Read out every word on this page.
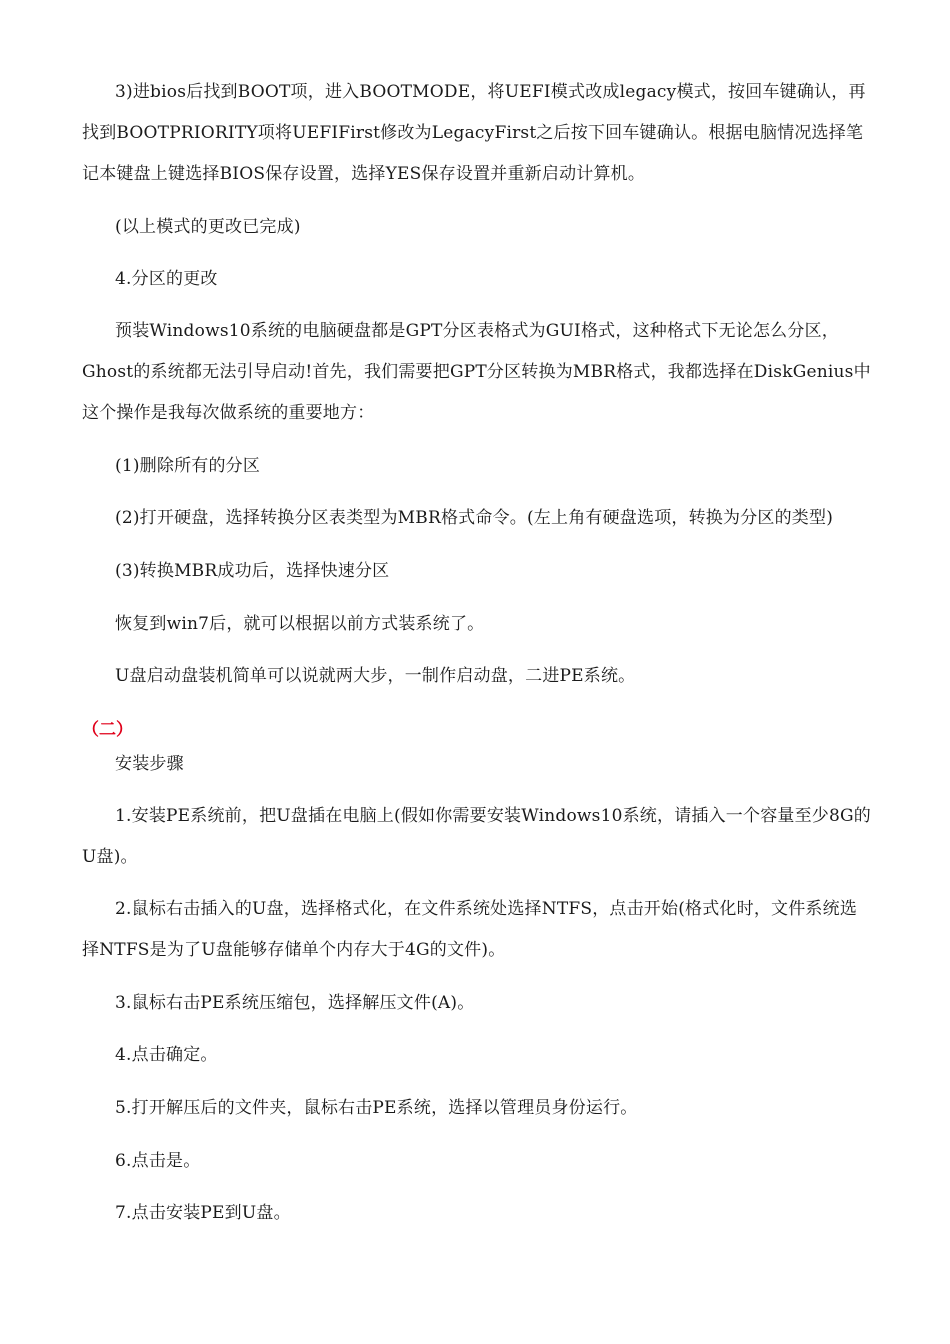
3)进bios后找到BOOT项，进入BOOTMODE，将UEFI模式改成legacy模式，按回车键确认，再找到BOOTPRIORITY项将UEFIFirst修改为LegacyFirst之后按下回车键确认。根据电脑情况选择笔记本键盘上键选择BIOS保存设置，选择YES保存设置并重新启动计算机。

(以上模式的更改已完成)

4.分区的更改

预装Windows10系统的电脑硬盘都是GPT分区表格式为GUI格式，这种格式下无论怎么分区，Ghost的系统都无法引导启动!首先，我们需要把GPT分区转换为MBR格式，我都选择在DiskGenius中这个操作是我每次做系统的重要地方：

(1)删除所有的分区

(2)打开硬盘，选择转换分区表类型为MBR格式命令。(左上角有硬盘选项，转换为分区的类型)

(3)转换MBR成功后，选择快速分区

恢复到win7后，就可以根据以前方式装系统了。

U盘启动盘装机简单可以说就两大步，一制作启动盘，二进PE系统。

（二）

安装步骤

1.安装PE系统前，把U盘插在电脑上(假如你需要安装Windows10系统，请插入一个容量至少8G的U盘)。

2.鼠标右击插入的U盘，选择格式化，在文件系统处选择NTFS，点击开始(格式化时，文件系统选择NTFS是为了U盘能够存储单个内存大于4G的文件)。

3.鼠标右击PE系统压缩包，选择解压文件(A)。

4.点击确定。

5.打开解压后的文件夹，鼠标右击PE系统，选择以管理员身份运行。

6.点击是。

7.点击安装PE到U盘。
